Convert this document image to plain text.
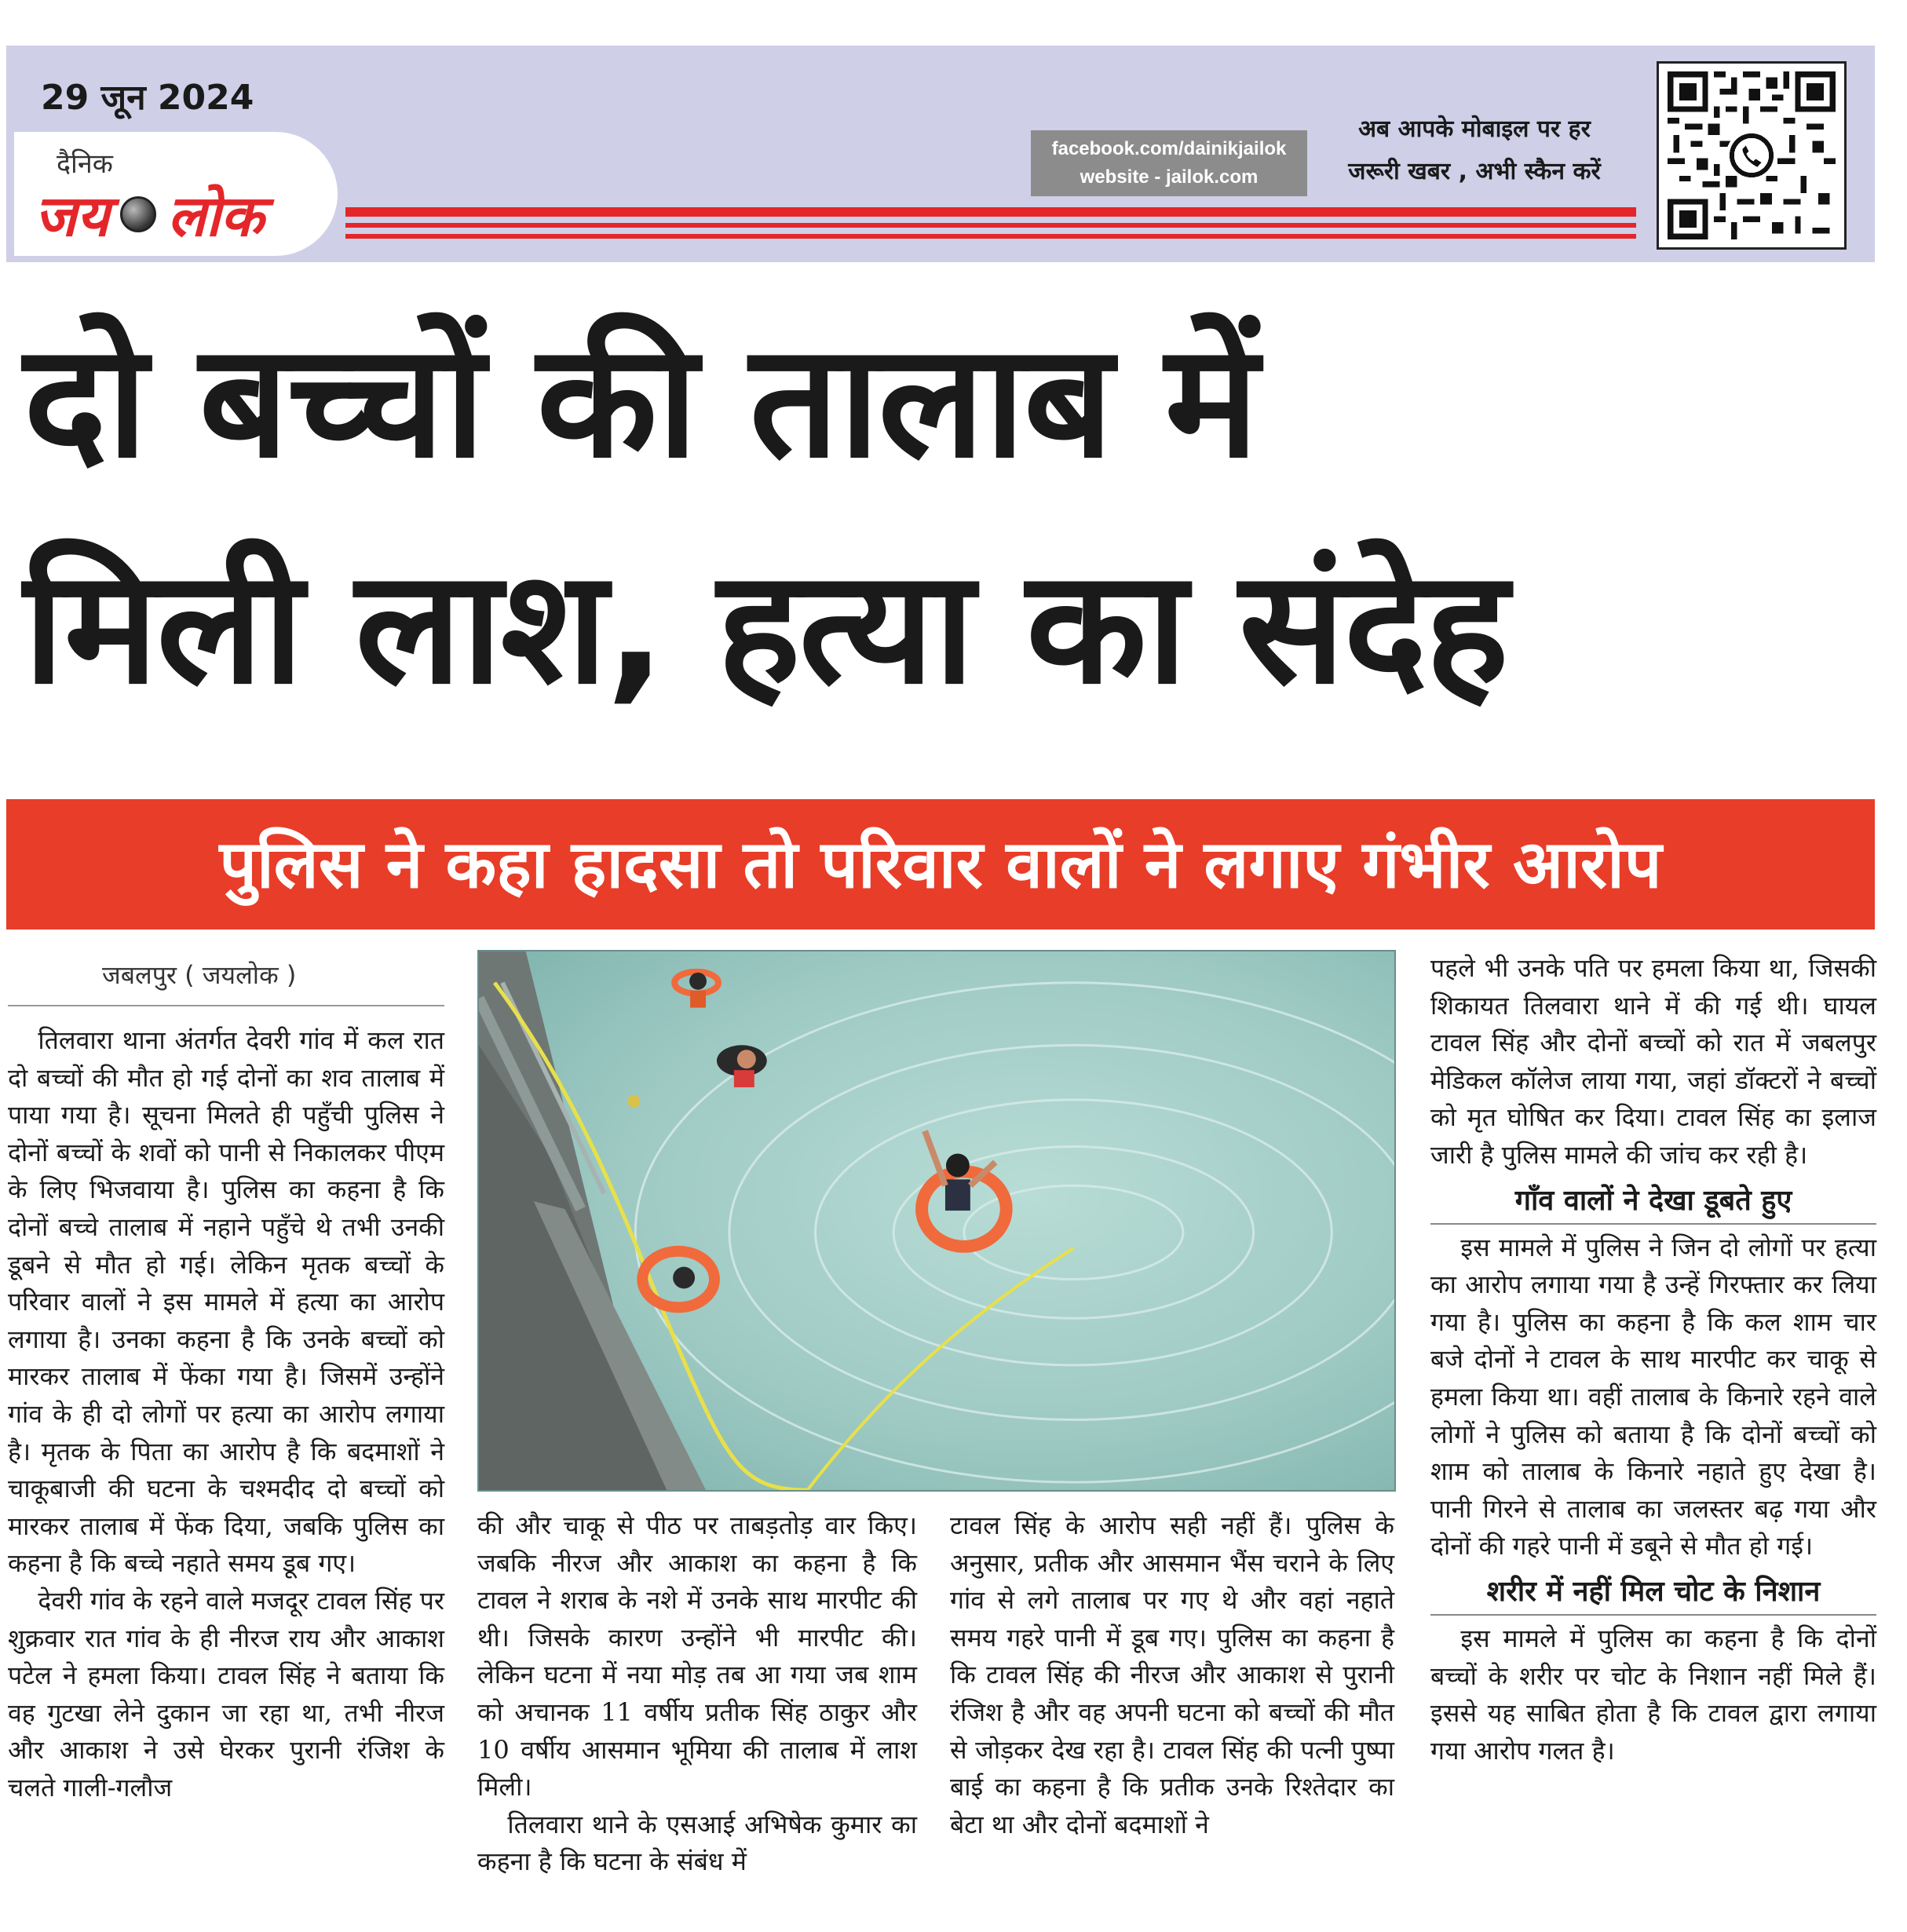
29 जून 2024
दैनिक
जय लोक
facebook.com/dainikjailok
website - jailok.com
अब आपके मोबाइल पर हर
जरूरी खबर , अभी स्कैन करें
दो बच्चों की तालाब में
मिली लाश, हत्या का संदेह
पुलिस ने कहा हादसा तो परिवार वालों ने लगाए गंभीर आरोप
जबलपुर ( जयलोक )

तिलवारा थाना अंतर्गत देवरी गांव में कल रात दो बच्चों की मौत हो गई दोनों का शव तालाब में पाया गया है। सूचना मिलते ही पहुँची पुलिस ने दोनों बच्चों के शवों को पानी से निकालकर पीएम के लिए भिजवाया है। पुलिस का कहना है कि दोनों बच्चे तालाब में नहाने पहुँचे थे तभी उनकी डूबने से मौत हो गई। लेकिन मृतक बच्चों के परिवार वालों ने इस मामले में हत्या का आरोप लगाया है। उनका कहना है कि उनके बच्चों को मारकर तालाब में फेंका गया है। जिसमें उन्होंने गांव के ही दो लोगों पर हत्या का आरोप लगाया है। मृतक के पिता का आरोप है कि बदमाशों ने चाकूबाजी की घटना के चश्मदीद दो बच्चों को मारकर तालाब में फेंक दिया, जबकि पुलिस का कहना है कि बच्चे नहाते समय डूब गए।

देवरी गांव के रहने वाले मजदूर टावल सिंह पर शुक्रवार रात गांव के ही नीरज राय और आकाश पटेल ने हमला किया। टावल सिंह ने बताया कि वह गुटखा लेने दुकान जा रहा था, तभी नीरज और आकाश ने उसे घेरकर पुरानी रंजिश के चलते गाली-गलौज

की और चाकू से पीठ पर ताबड़तोड़ वार किए। जबकि नीरज और आकाश का कहना है कि टावल ने शराब के नशे में उनके साथ मारपीट की थी। जिसके कारण उन्होंने भी मारपीट की। लेकिन घटना में नया मोड़ तब आ गया जब शाम को अचानक 11 वर्षीय प्रतीक सिंह ठाकुर और 10 वर्षीय आसमान भूमिया की तालाब में लाश मिली।

तिलवारा थाने के एसआई अभिषेक कुमार का कहना है कि घटना के संबंध में

टावल सिंह के आरोप सही नहीं हैं। पुलिस के अनुसार, प्रतीक और आसमान भैंस चराने के लिए गांव से लगे तालाब पर गए थे और वहां नहाते समय गहरे पानी में डूब गए। पुलिस का कहना है कि टावल सिंह की नीरज और आकाश से पुरानी रंजिश है और वह अपनी घटना को बच्चों की मौत से जोड़कर देख रहा है। टावल सिंह की पत्नी पुष्पा बाई का कहना है कि प्रतीक उनके रिश्तेदार का बेटा था और दोनों बदमाशों ने

पहले भी उनके पति पर हमला किया था, जिसकी शिकायत तिलवारा थाने में की गई थी। घायल टावल सिंह और दोनों बच्चों को रात में जबलपुर मेडिकल कॉलेज लाया गया, जहां डॉक्टरों ने बच्चों को मृत घोषित कर दिया। टावल सिंह का इलाज जारी है पुलिस मामले की जांच कर रही है।

गाँव वालों ने देखा डूबते हुए

इस मामले में पुलिस ने जिन दो लोगों पर हत्या का आरोप लगाया गया है उन्हें गिरफ्तार कर लिया गया है। पुलिस का कहना है कि कल शाम चार बजे दोनों ने टावल के साथ मारपीट कर चाकू से हमला किया था। वहीं तालाब के किनारे रहने वाले लोगों ने पुलिस को बताया है कि दोनों बच्चों को शाम को तालाब के किनारे नहाते हुए देखा है। पानी गिरने से तालाब का जलस्तर बढ़ गया और दोनों की गहरे पानी में डबूने से मौत हो गई।

शरीर में नहीं मिल चोट के निशान

इस मामले में पुलिस का कहना है कि दोनों बच्चों के शरीर पर चोट के निशान नहीं मिले हैं। इससे यह साबित होता है कि टावल द्वारा लगाया गया आरोप गलत है।
